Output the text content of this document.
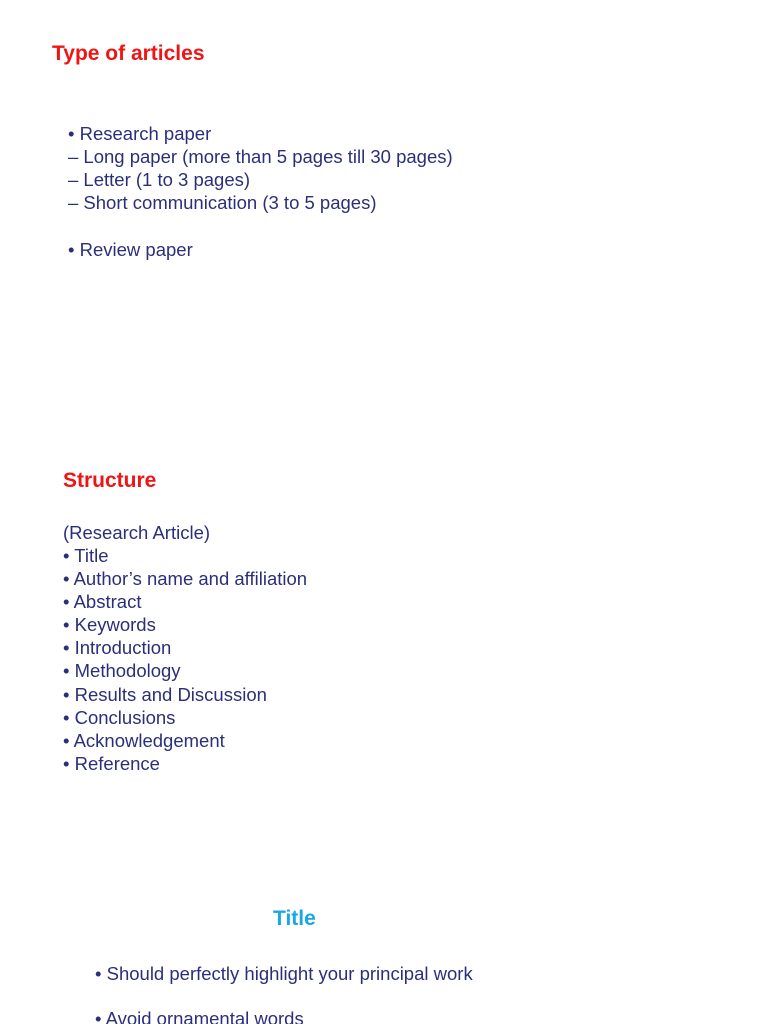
Type of articles

• Research paper

– Long paper (more than 5 pages till 30 pages)
– Letter (1 to 3 pages)
– Short communication (3 to 5 pages)

• Review paper

Structure

(Research Article)

• Title
• Author’s name and affiliation
• Abstract
• Keywords
• Introduction
• Methodology
• Results and Discussion
• Conclusions
• Acknowledgement
• Reference
Title

• Should perfectly highlight your principal work

• Avoid ornamental words
